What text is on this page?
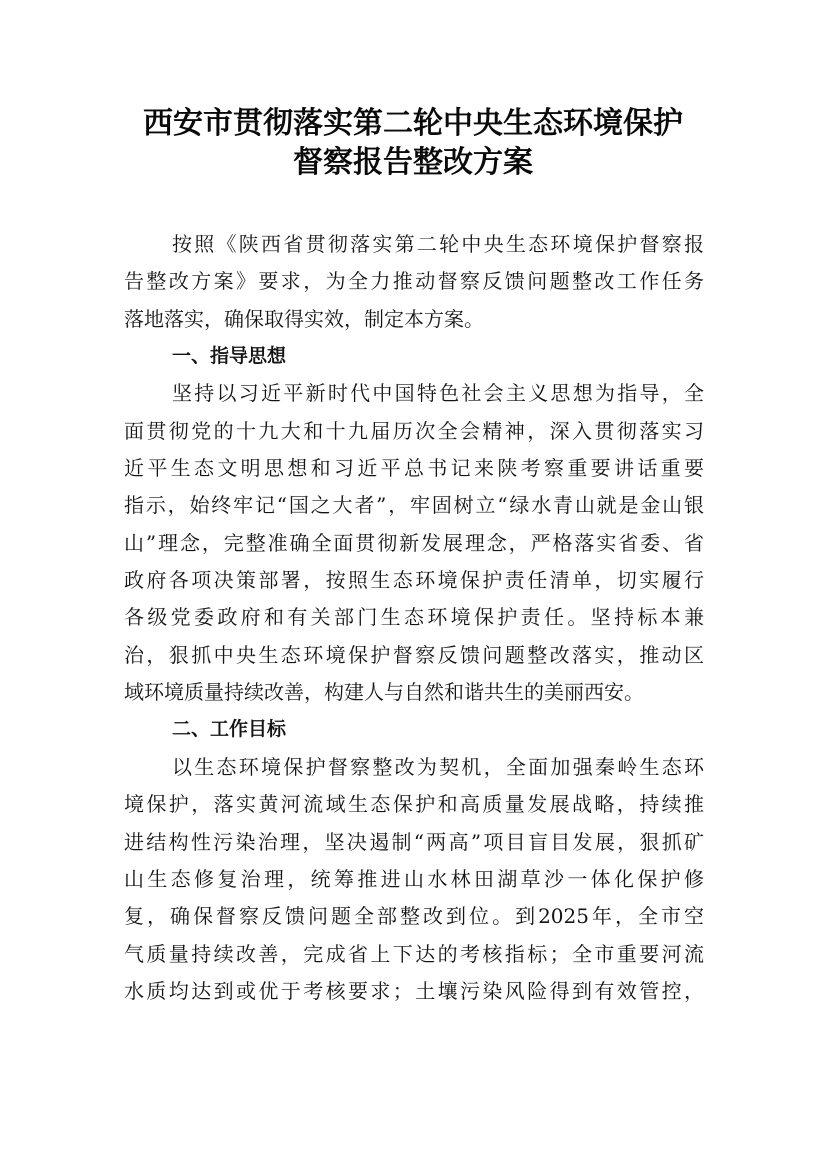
西安市贯彻落实第二轮中央生态环境保护
督察报告整改方案
按照《陕西省贯彻落实第二轮中央生态环境保护督察报
告整改方案》要求，为全力推动督察反馈问题整改工作任务
落地落实，确保取得实效，制定本方案。
一、指导思想
坚持以习近平新时代中国特色社会主义思想为指导，全
面贯彻党的十九大和十九届历次全会精神，深入贯彻落实习
近平生态文明思想和习近平总书记来陕考察重要讲话重要
指示，始终牢记“国之大者”，牢固树立“绿水青山就是金山银
山”理念，完整准确全面贯彻新发展理念，严格落实省委、省
政府各项决策部署，按照生态环境保护责任清单，切实履行
各级党委政府和有关部门生态环境保护责任。坚持标本兼
治，狠抓中央生态环境保护督察反馈问题整改落实，推动区
域环境质量持续改善，构建人与自然和谐共生的美丽西安。
二、工作目标
以生态环境保护督察整改为契机，全面加强秦岭生态环
境保护，落实黄河流域生态保护和高质量发展战略，持续推
进结构性污染治理，坚决遏制“两高”项目盲目发展，狠抓矿
山生态修复治理，统筹推进山水林田湖草沙一体化保护修
复，确保督察反馈问题全部整改到位。到2025年，全市空
气质量持续改善，完成省上下达的考核指标；全市重要河流
水质均达到或优于考核要求；土壤污染风险得到有效管控，
